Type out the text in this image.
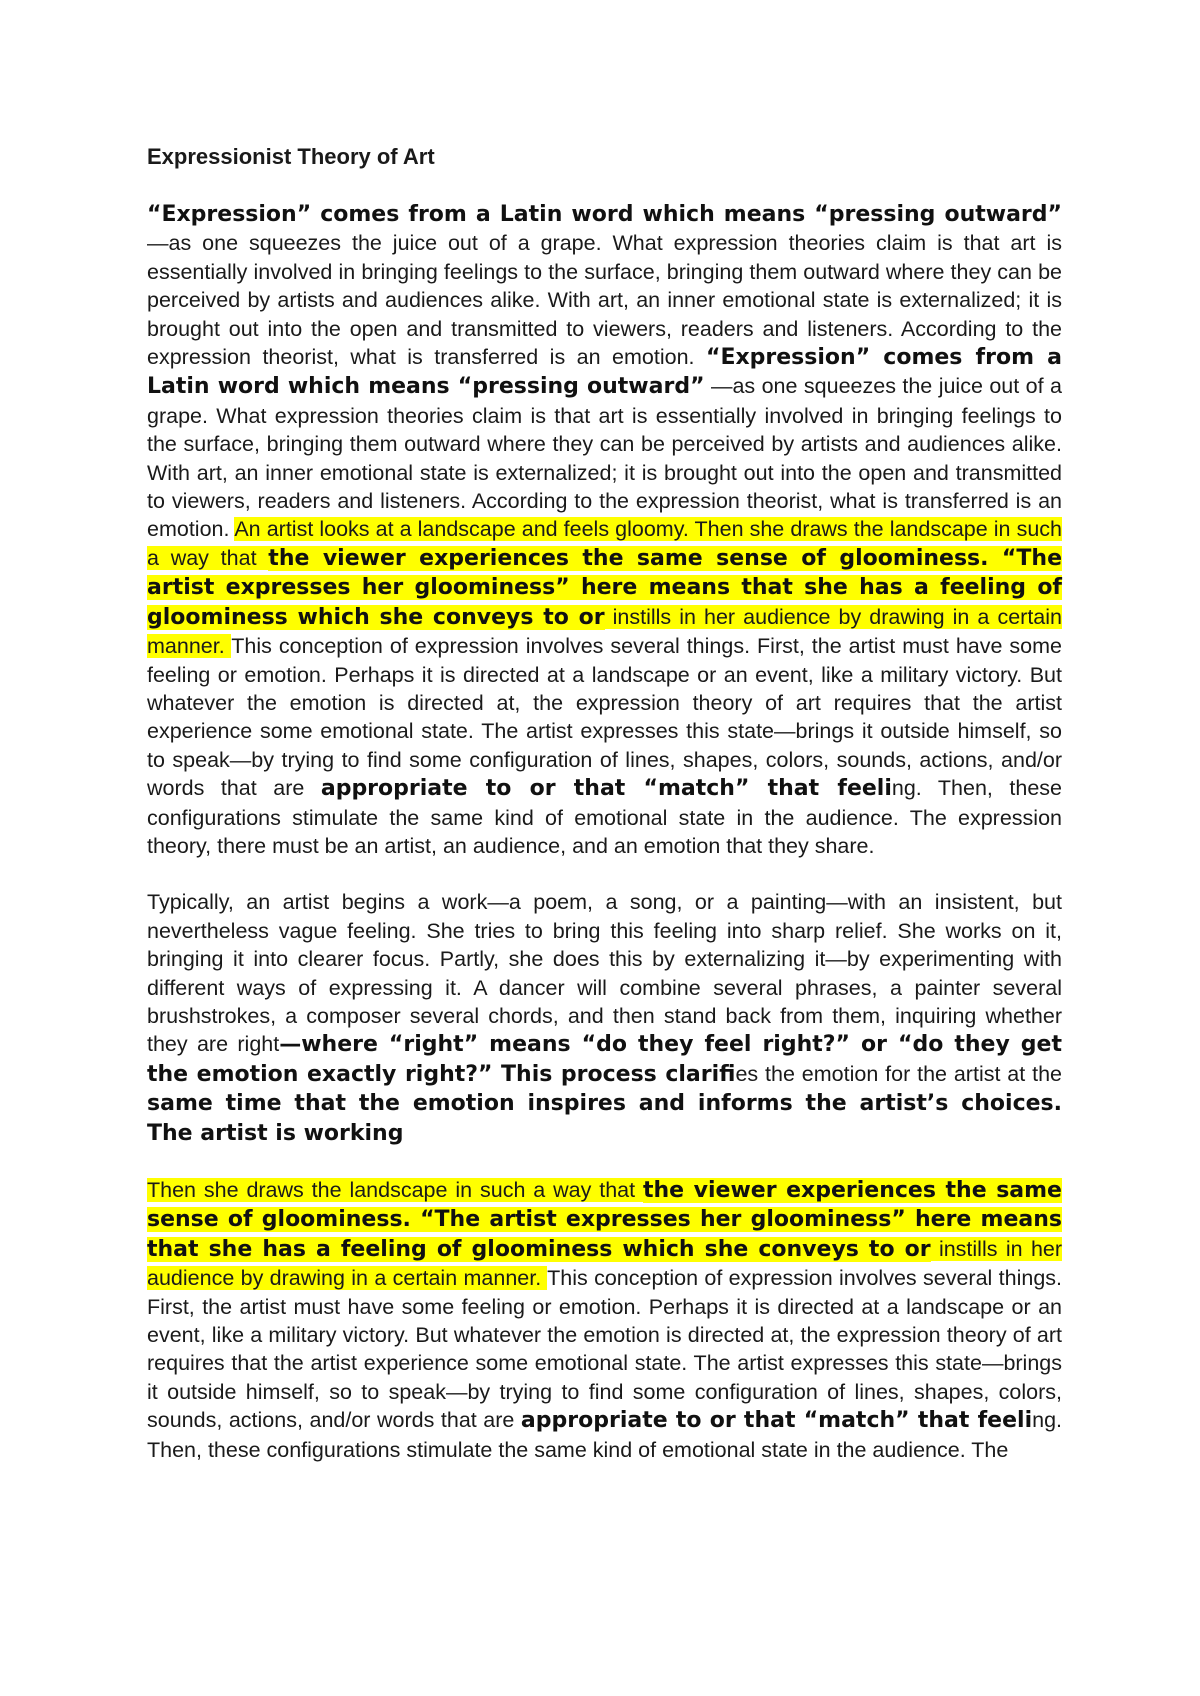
Expressionist Theory of Art

“Expression” comes from a Latin word which means “pressing outward” —as one squeezes the juice out of a grape. What expression theories claim is that art is essentially involved in bringing feelings to the surface, bringing them outward where they can be perceived by artists and audiences alike. With art, an inner emotional state is externalized; it is brought out into the open and transmitted to viewers, readers and listeners. According to the expression theorist, what is transferred is an emotion. “Expression” comes from a Latin word which means “pressing outward” —as one squeezes the juice out of a grape. What expression theories claim is that art is essentially involved in bringing feelings to the surface, bringing them outward where they can be perceived by artists and audiences alike. With art, an inner emotional state is externalized; it is brought out into the open and transmitted to viewers, readers and listeners. According to the expression theorist, what is transferred is an emotion. An artist looks at a landscape and feels gloomy. Then she draws the landscape in such a way that the viewer experiences the same sense of gloominess. “The artist expresses her gloominess” here means that she has a feeling of gloominess which she conveys to or instills in her audience by drawing in a certain manner. This conception of expression involves several things. First, the artist must have some feeling or emotion. Perhaps it is directed at a landscape or an event, like a military victory. But whatever the emotion is directed at, the expression theory of art requires that the artist experience some emotional state. The artist expresses this state—brings it outside himself, so to speak—by trying to find some configuration of lines, shapes, colors, sounds, actions, and/or words that are appropriate to or that “match” that feeling. Then, these configurations stimulate the same kind of emotional state in the audience. The expression theory, there must be an artist, an audience, and an emotion that they share.

Typically, an artist begins a work—a poem, a song, or a painting—with an insistent, but nevertheless vague feeling. She tries to bring this feeling into sharp relief. She works on it, bringing it into clearer focus. Partly, she does this by externalizing it—by experimenting with different ways of expressing it. A dancer will combine several phrases, a painter several brushstrokes, a composer several chords, and then stand back from them, inquiring whether they are right—where “right” means “do they feel right?” or “do they get the emotion exactly right?” This process clarifies the emotion for the artist at the same time that the emotion inspires and informs the artist’s choices. The artist is working

Then she draws the landscape in such a way that the viewer experiences the same sense of gloominess. “The artist expresses her gloominess” here means that she has a feeling of gloominess which she conveys to or instills in her audience by drawing in a certain manner. This conception of expression involves several things. First, the artist must have some feeling or emotion. Perhaps it is directed at a landscape or an event, like a military victory. But whatever the emotion is directed at, the expression theory of art requires that the artist experience some emotional state. The artist expresses this state—brings it outside himself, so to speak—by trying to find some configuration of lines, shapes, colors, sounds, actions, and/or words that are appropriate to or that “match” that feeling. Then, these configurations stimulate the same kind of emotional state in the audience. The
